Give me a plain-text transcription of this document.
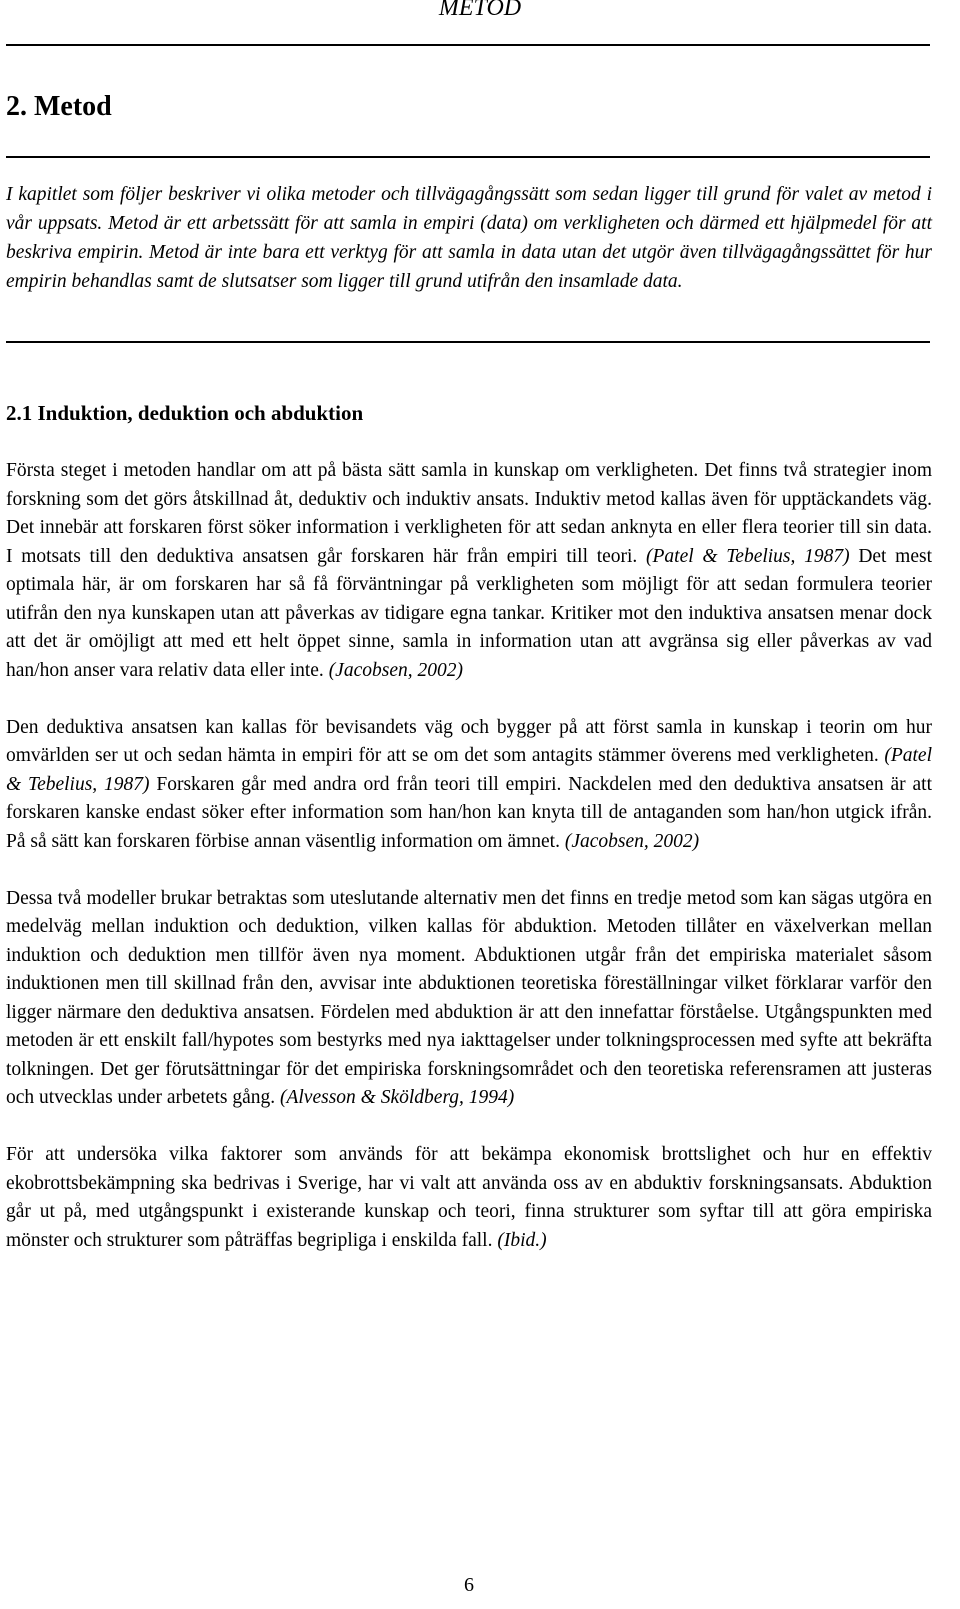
METOD
2. Metod

I kapitlet som följer beskriver vi olika metoder och tillvägagångssätt som sedan ligger till grund för valet av metod i vår uppsats. Metod är ett arbetssätt för att samla in empiri (data) om verkligheten och därmed ett hjälpmedel för att beskriva empirin. Metod är inte bara ett verktyg för att samla in data utan det utgör även tillvägagångssättet för hur empirin behandlas samt de slutsatser som ligger till grund utifrån den insamlade data.

2.1 Induktion, deduktion och abduktion

Första steget i metoden handlar om att på bästa sätt samla in kunskap om verkligheten. Det finns två strategier inom forskning som det görs åtskillnad åt, deduktiv och induktiv ansats. Induktiv metod kallas även för upptäckandets väg. Det innebär att forskaren först söker information i verkligheten för att sedan anknyta en eller flera teorier till sin data. I motsats till den deduktiva ansatsen går forskaren här från empiri till teori. (Patel & Tebelius, 1987) Det mest optimala här, är om forskaren har så få förväntningar på verkligheten som möjligt för att sedan formulera teorier utifrån den nya kunskapen utan att påverkas av tidigare egna tankar. Kritiker mot den induktiva ansatsen menar dock att det är omöjligt att med ett helt öppet sinne, samla in information utan att avgränsa sig eller påverkas av vad han/hon anser vara relativ data eller inte. (Jacobsen, 2002)

Den deduktiva ansatsen kan kallas för bevisandets väg och bygger på att först samla in kunskap i teorin om hur omvärlden ser ut och sedan hämta in empiri för att se om det som antagits stämmer överens med verkligheten. (Patel & Tebelius, 1987) Forskaren går med andra ord från teori till empiri. Nackdelen med den deduktiva ansatsen är att forskaren kanske endast söker efter information som han/hon kan knyta till de antaganden som han/hon utgick ifrån. På så sätt kan forskaren förbise annan väsentlig information om ämnet. (Jacobsen, 2002)

Dessa två modeller brukar betraktas som uteslutande alternativ men det finns en tredje metod som kan sägas utgöra en medelväg mellan induktion och deduktion, vilken kallas för abduktion. Metoden tillåter en växelverkan mellan induktion och deduktion men tillför även nya moment. Abduktionen utgår från det empiriska materialet såsom induktionen men till skillnad från den, avvisar inte abduktionen teoretiska föreställningar vilket förklarar varför den ligger närmare den deduktiva ansatsen. Fördelen med abduktion är att den innefattar förståelse. Utgångspunkten med metoden är ett enskilt fall/hypotes som bestyrks med nya iakttagelser under tolkningsprocessen med syfte att bekräfta tolkningen. Det ger förutsättningar för det empiriska forskningsområdet och den teoretiska referensramen att justeras och utvecklas under arbetets gång. (Alvesson & Sköldberg, 1994)

För att undersöka vilka faktorer som används för att bekämpa ekonomisk brottslighet och hur en effektiv ekobrottsbekämpning ska bedrivas i Sverige, har vi valt att använda oss av en abduktiv forskningsansats. Abduktion går ut på, med utgångspunkt i existerande kunskap och teori, finna strukturer som syftar till att göra empiriska mönster och strukturer som påträffas begripliga i enskilda fall. (Ibid.)

6
